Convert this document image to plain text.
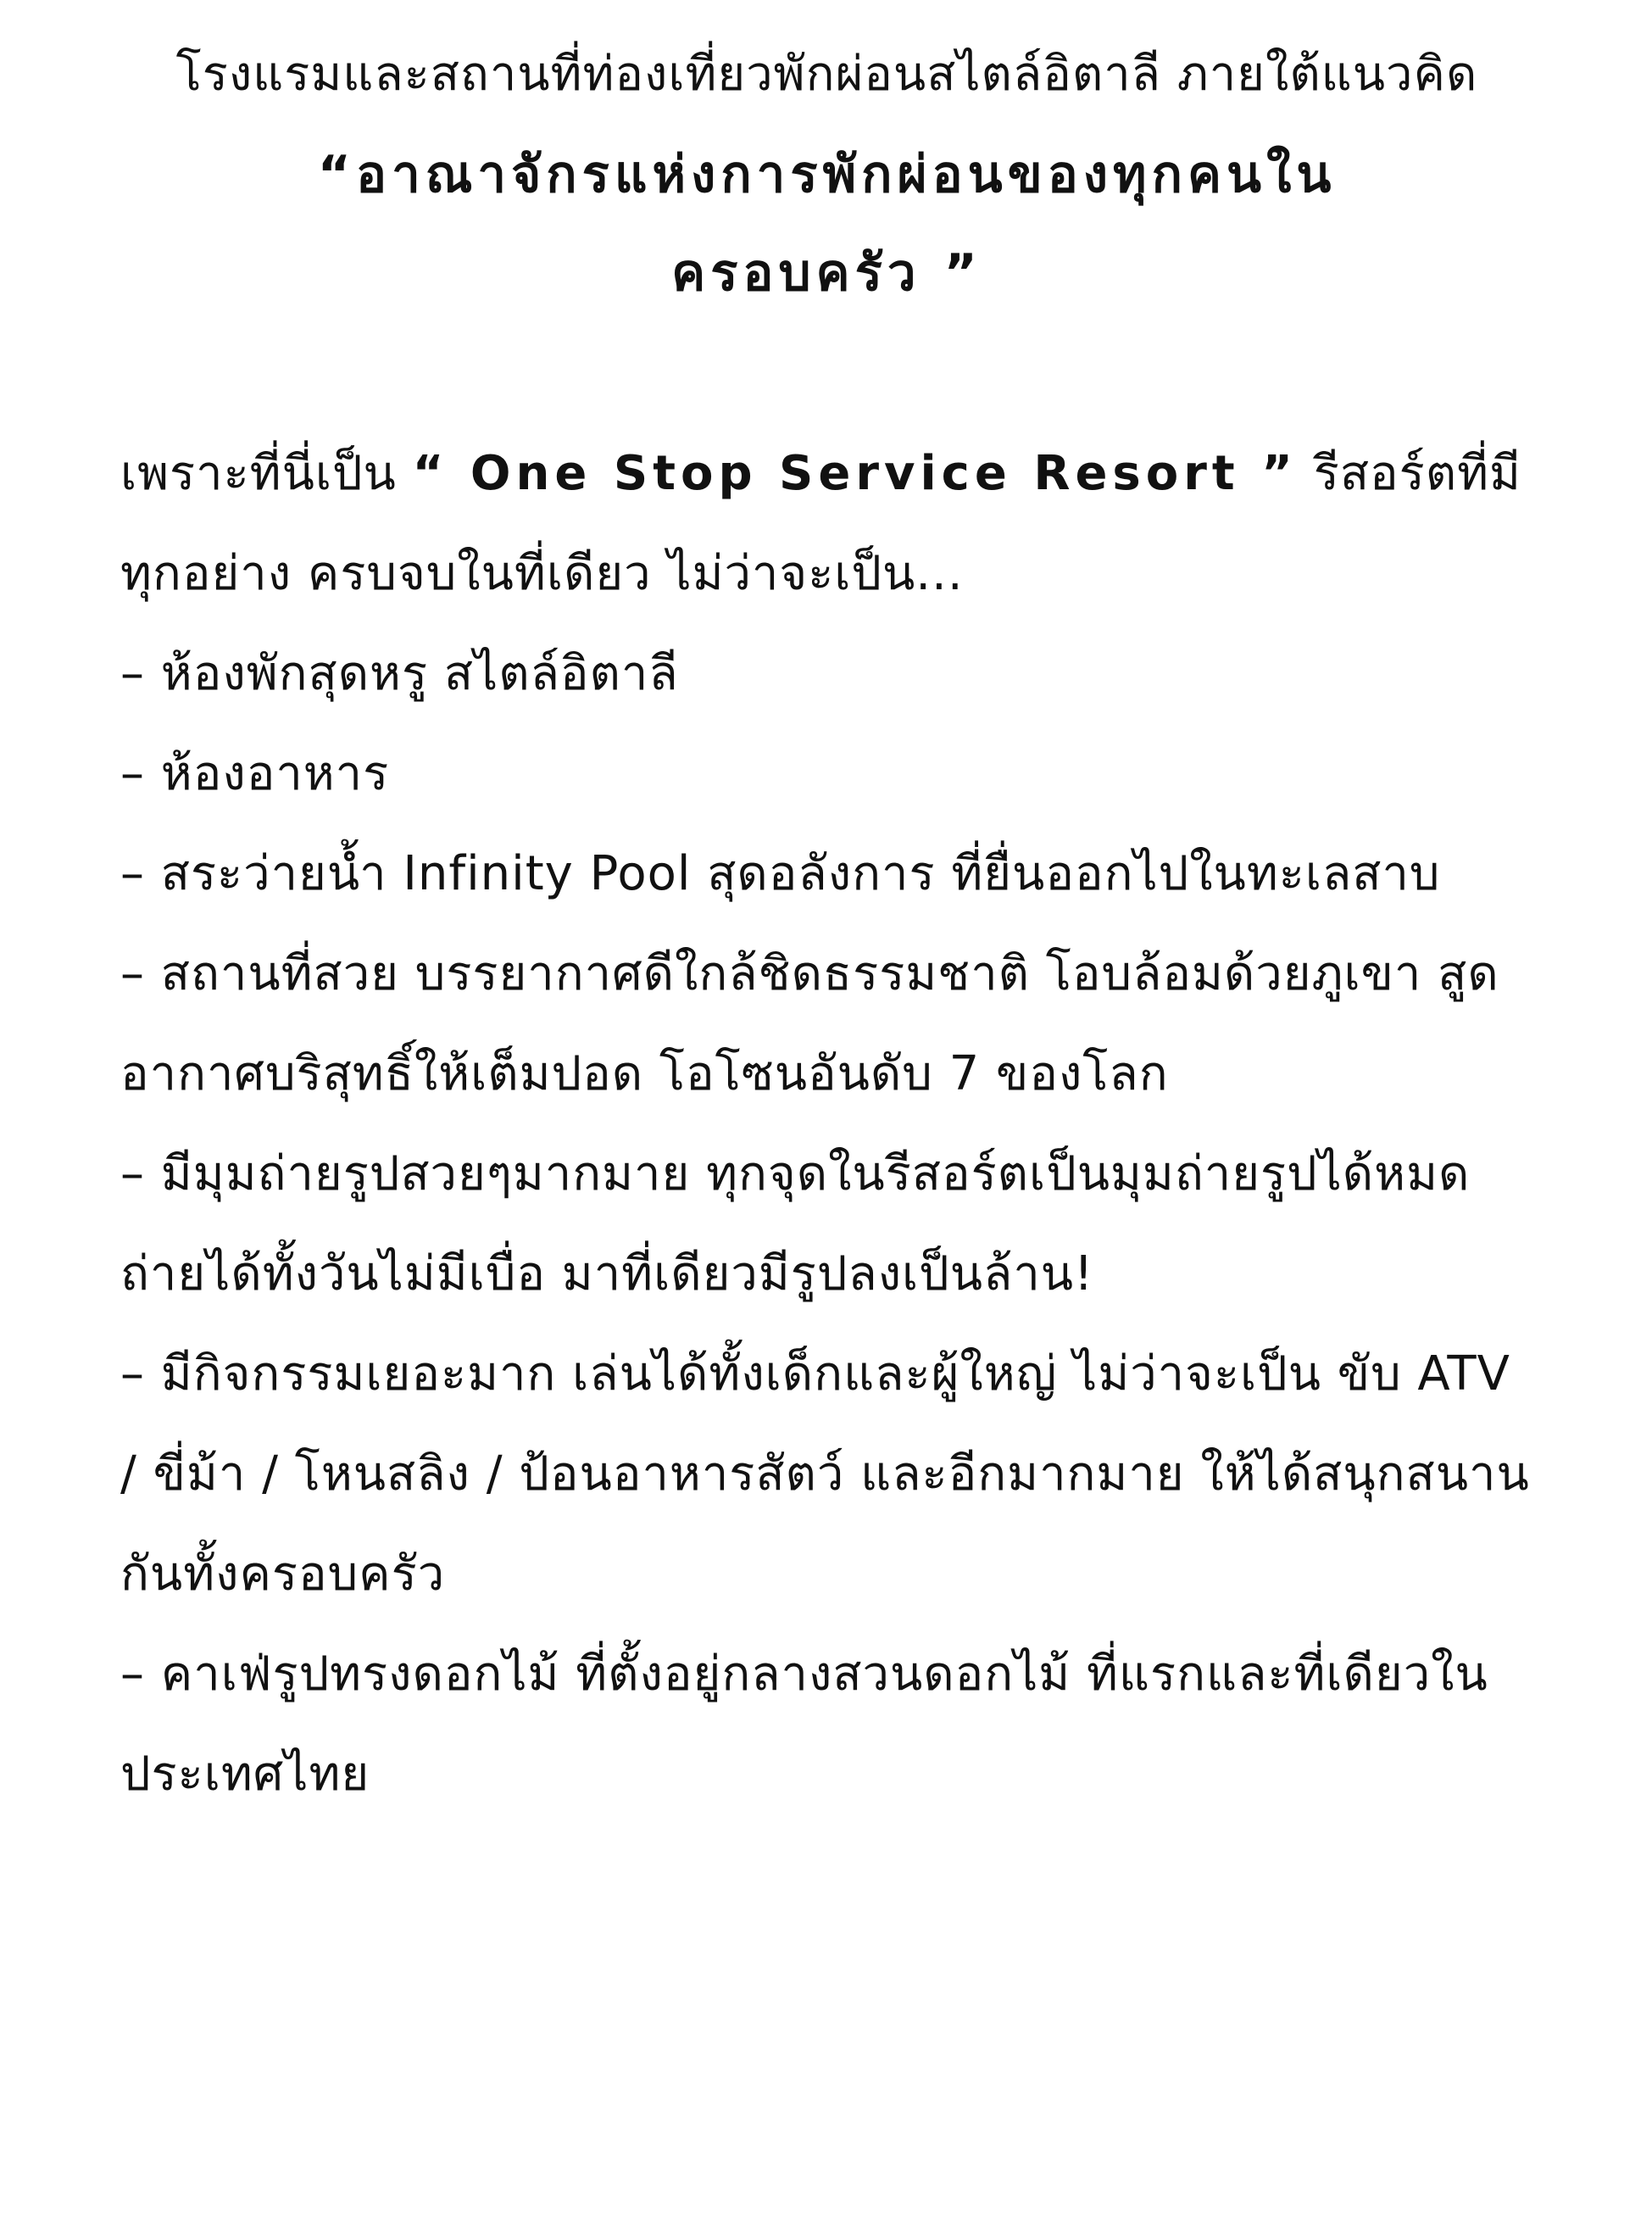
โรงแรมและสถานที่ท่องเที่ยวพักผ่อนสไตล์อิตาลี ภายใต้แนวคิด
“อาณาจักรแห่งการพักผ่อนของทุกคนในครอบครัว ”
เพราะที่นี่เป็น “ One Stop Service Resort ” รีสอร์ตที่มีทุกอย่าง ครบจบในที่เดียว ไม่ว่าจะเป็น...
– ห้องพักสุดหรู สไตล์อิตาลี
– ห้องอาหาร
– สระว่ายน้ำ Infinity Pool สุดอลังการ ที่ยื่นออกไปในทะเลสาบ
– สถานที่สวย บรรยากาศดีใกล้ชิดธรรมชาติ โอบล้อมด้วยภูเขา สูดอากาศบริสุทธิ์ให้เต็มปอด โอโซนอันดับ 7 ของโลก
– มีมุมถ่ายรูปสวยๆมากมาย ทุกจุดในรีสอร์ตเป็นมุมถ่ายรูปได้หมด ถ่ายได้ทั้งวันไม่มีเบื่อ มาที่เดียวมีรูปลงเป็นล้าน!
– มีกิจกรรมเยอะมาก เล่นได้ทั้งเด็กและผู้ใหญ่ ไม่ว่าจะเป็น ขับ ATV / ขี่ม้า / โหนสลิง / ป้อนอาหารสัตว์ และอีกมากมาย ให้ได้สนุกสนานกันทั้งครอบครัว
– คาเฟ่รูปทรงดอกไม้ ที่ตั้งอยู่กลางสวนดอกไม้ ที่แรกและที่เดียวในประเทศไทย
